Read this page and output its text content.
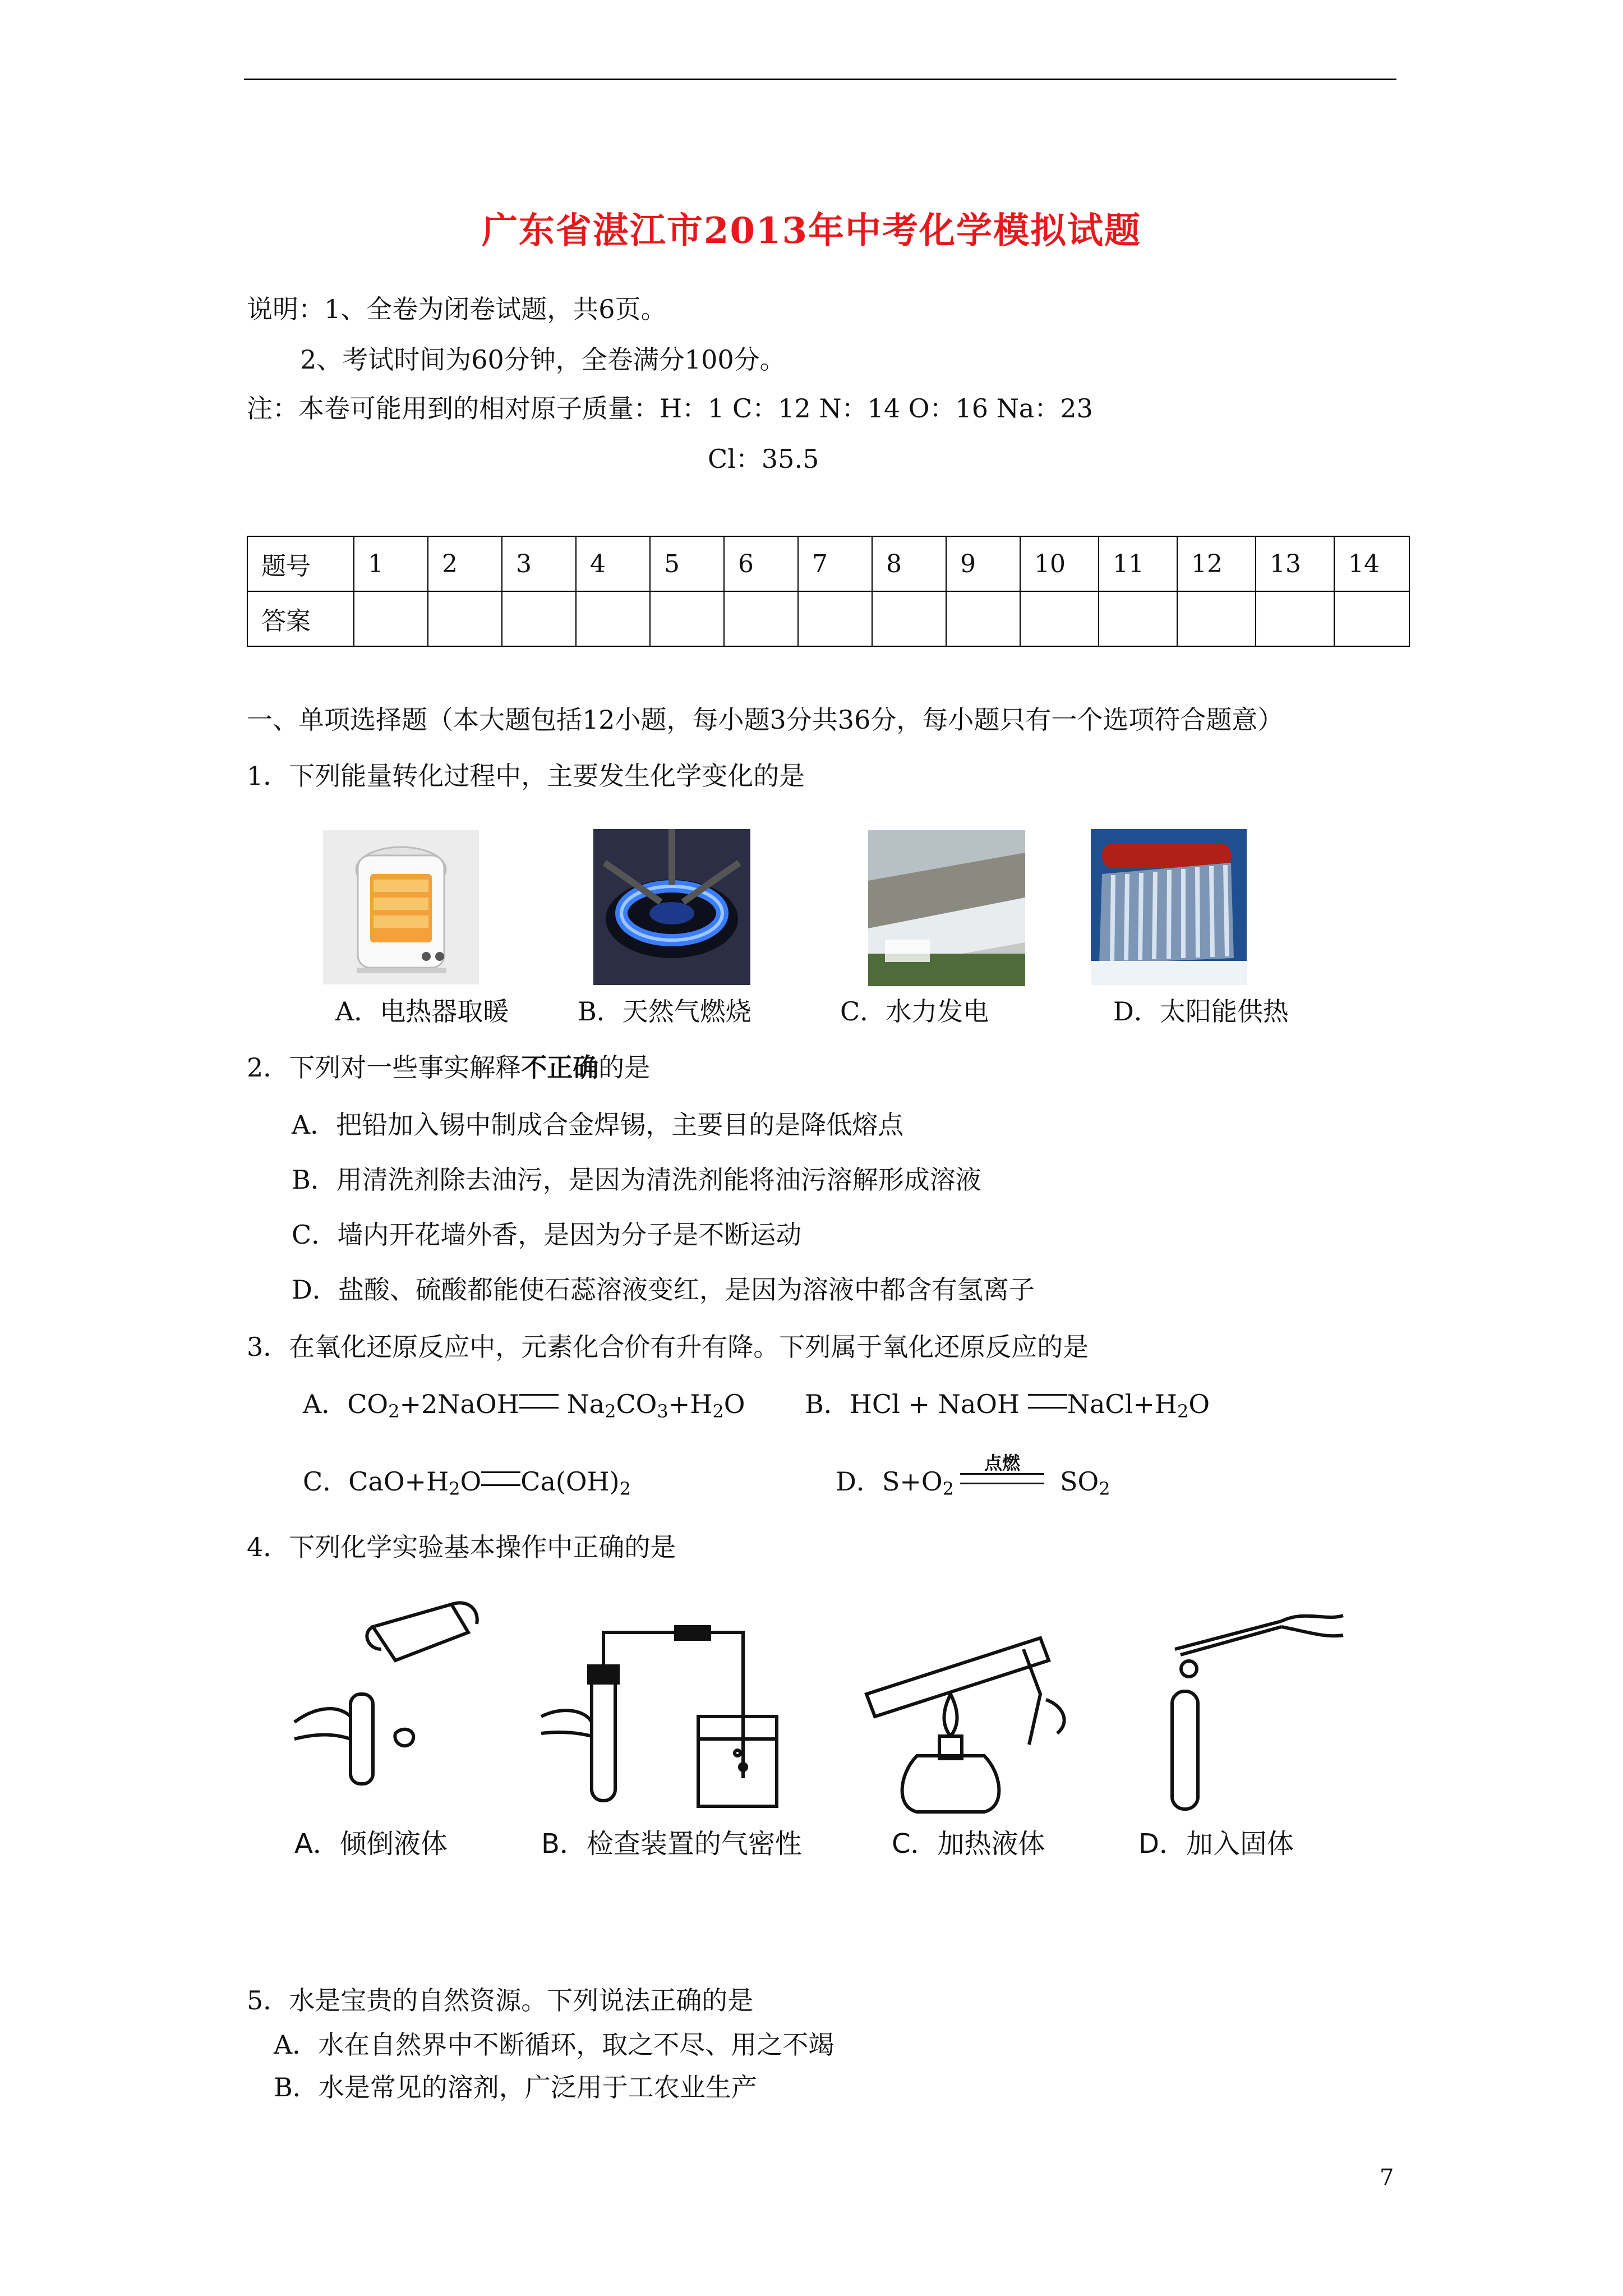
广东省湛江市2013年中考化学模拟试题
说明：1、全卷为闭卷试题，共6页。
2、考试时间为60分钟，全卷满分100分。
注：本卷可能用到的相对原子质量：H：1 C：12 N：14 O：16 Na：23
Cl：35.5
题号	1	2	3	4	5	6	7	8	9	10	11	12	13	14
答案														
一、单项选择题（本大题包括12小题，每小题3分共36分，每小题只有一个选项符合题意）
1．下列能量转化过程中，主要发生化学变化的是
A．电热器取暖	B．天然气燃烧	C．水力发电	D．太阳能供热
2．下列对一些事实解释不正确的是
A．把铅加入锡中制成合金焊锡，主要目的是降低熔点
B．用清洗剂除去油污，是因为清洗剂能将油污溶解形成溶液
C．墙内开花墙外香，是因为分子是不断运动
D．盐酸、硫酸都能使石蕊溶液变红，是因为溶液中都含有氢离子
3．在氧化还原反应中，元素化合价有升有降。下列属于氧化还原反应的是
A．$CO_2+2NaOH$ $Na_2CO_3+H_2O$ B．HCl + NaOH $NaCl+H_2O$
C．$CaO+H_2O$ $Ca(OH)_2$	D．$S+O_2$
点燃
$SO_2$
4．下列化学实验基本操作中正确的是
A．倾倒液体	B．检查装置的气密性	C．加热液体	D．加入固体
5．水是宝贵的自然资源。下列说法正确的是
A．水在自然界中不断循环，取之不尽、用之不竭
B．水是常见的溶剂，广泛用于工农业生产
7
